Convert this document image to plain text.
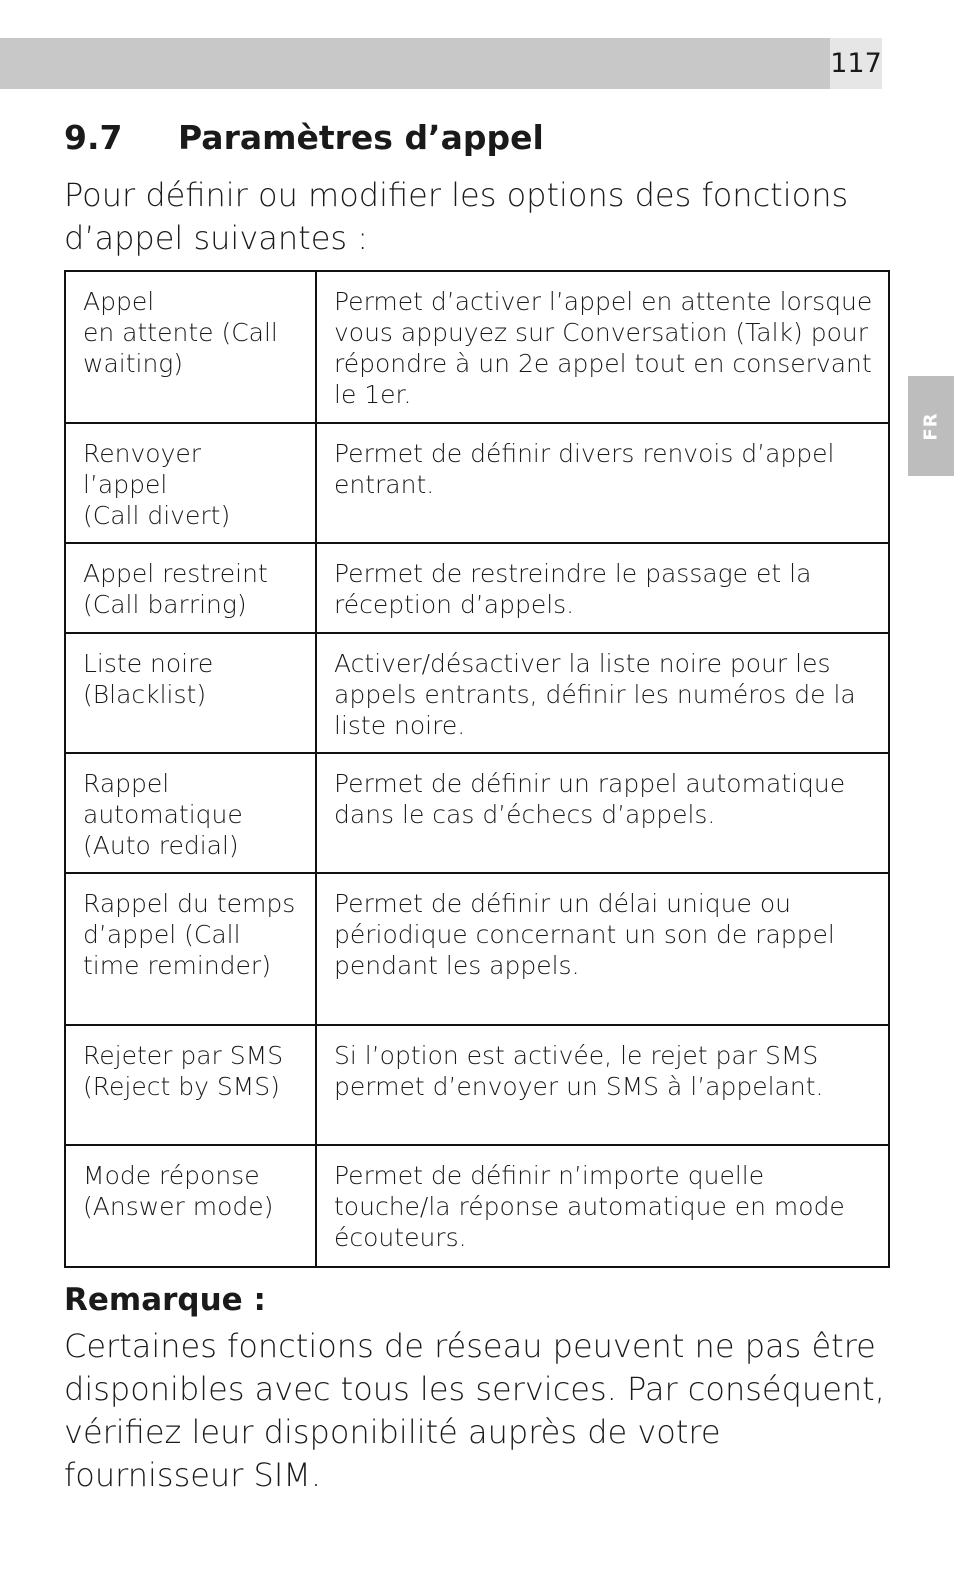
117
FR
9.7	Paramètres d’appel

Pour définir ou modifier les options des fonctions d’appel suivantes :

Appel
en attente (Call waiting)	Permet d’activer l’appel en attente lorsque vous appuyez sur Conversation (Talk) pour répondre à un 2e appel tout en conservant le 1er.
Renvoyer
l’appel
(Call divert)	Permet de définir divers renvois d’appel entrant.
Appel restreint (Call barring)	Permet de restreindre le passage et la réception d’appels.
Liste noire (Blacklist)	Activer/désactiver la liste noire pour les appels entrants, définir les numéros de la liste noire.
Rappel automatique (Auto redial)	Permet de définir un rappel automatique dans le cas d’échecs d’appels.
Rappel du temps d’appel (Call time reminder)	Permet de définir un délai unique ou périodique concernant un son de rappel pendant les appels.
Rejeter par SMS (Reject by SMS)	Si l’option est activée, le rejet par SMS permet d’envoyer un SMS à l’appelant.
Mode réponse (Answer mode)	Permet de définir n’importe quelle touche/la réponse automatique en mode écouteurs.

Remarque :

Certaines fonctions de réseau peuvent ne pas être disponibles avec tous les services. Par conséquent, vérifiez leur disponibilité auprès de votre fournisseur SIM.
